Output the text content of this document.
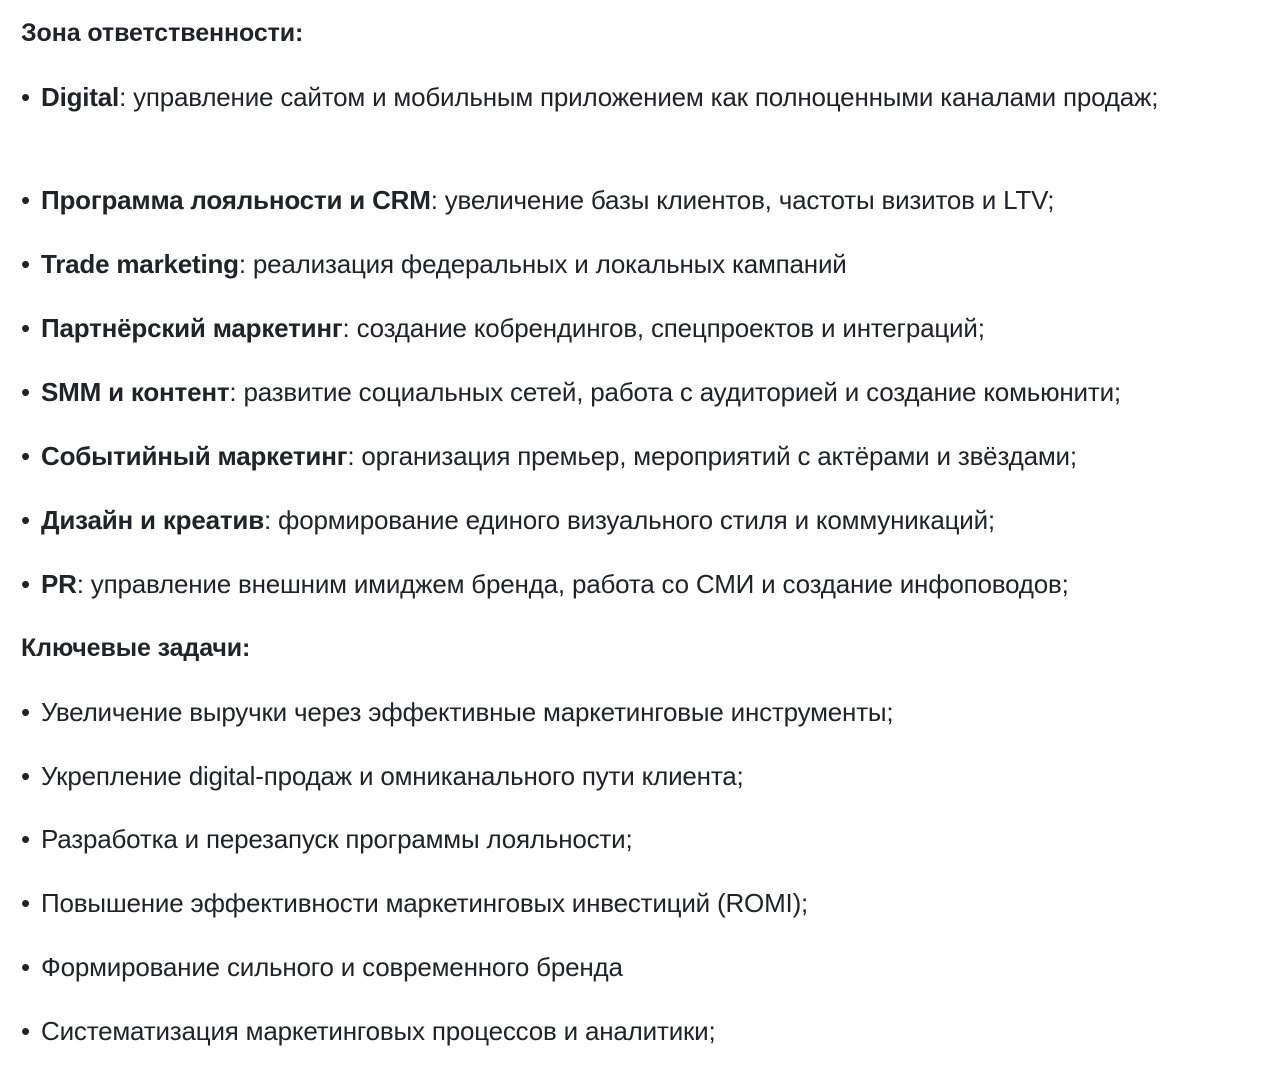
Зона ответственности:
• Digital: управление сайтом и мобильным приложением как полноценными каналами продаж;
• Программа лояльности и CRM: увеличение базы клиентов, частоты визитов и LTV;
• Trade marketing: реализация федеральных и локальных кампаний
• Партнёрский маркетинг: создание кобрендингов, спецпроектов и интеграций;
• SMM и контент: развитие социальных сетей, работа с аудиторией и создание комьюнити;
• Событийный маркетинг: организация премьер, мероприятий с актёрами и звёздами;
• Дизайн и креатив: формирование единого визуального стиля и коммуникаций;
• PR: управление внешним имиджем бренда, работа со СМИ и создание инфоповодов;
Ключевые задачи:
• Увеличение выручки через эффективные маркетинговые инструменты;
• Укрепление digital-продаж и омниканального пути клиента;
• Разработка и перезапуск программы лояльности;
• Повышение эффективности маркетинговых инвестиций (ROMI);
• Формирование сильного и современного бренда
• Систематизация маркетинговых процессов и аналитики;
